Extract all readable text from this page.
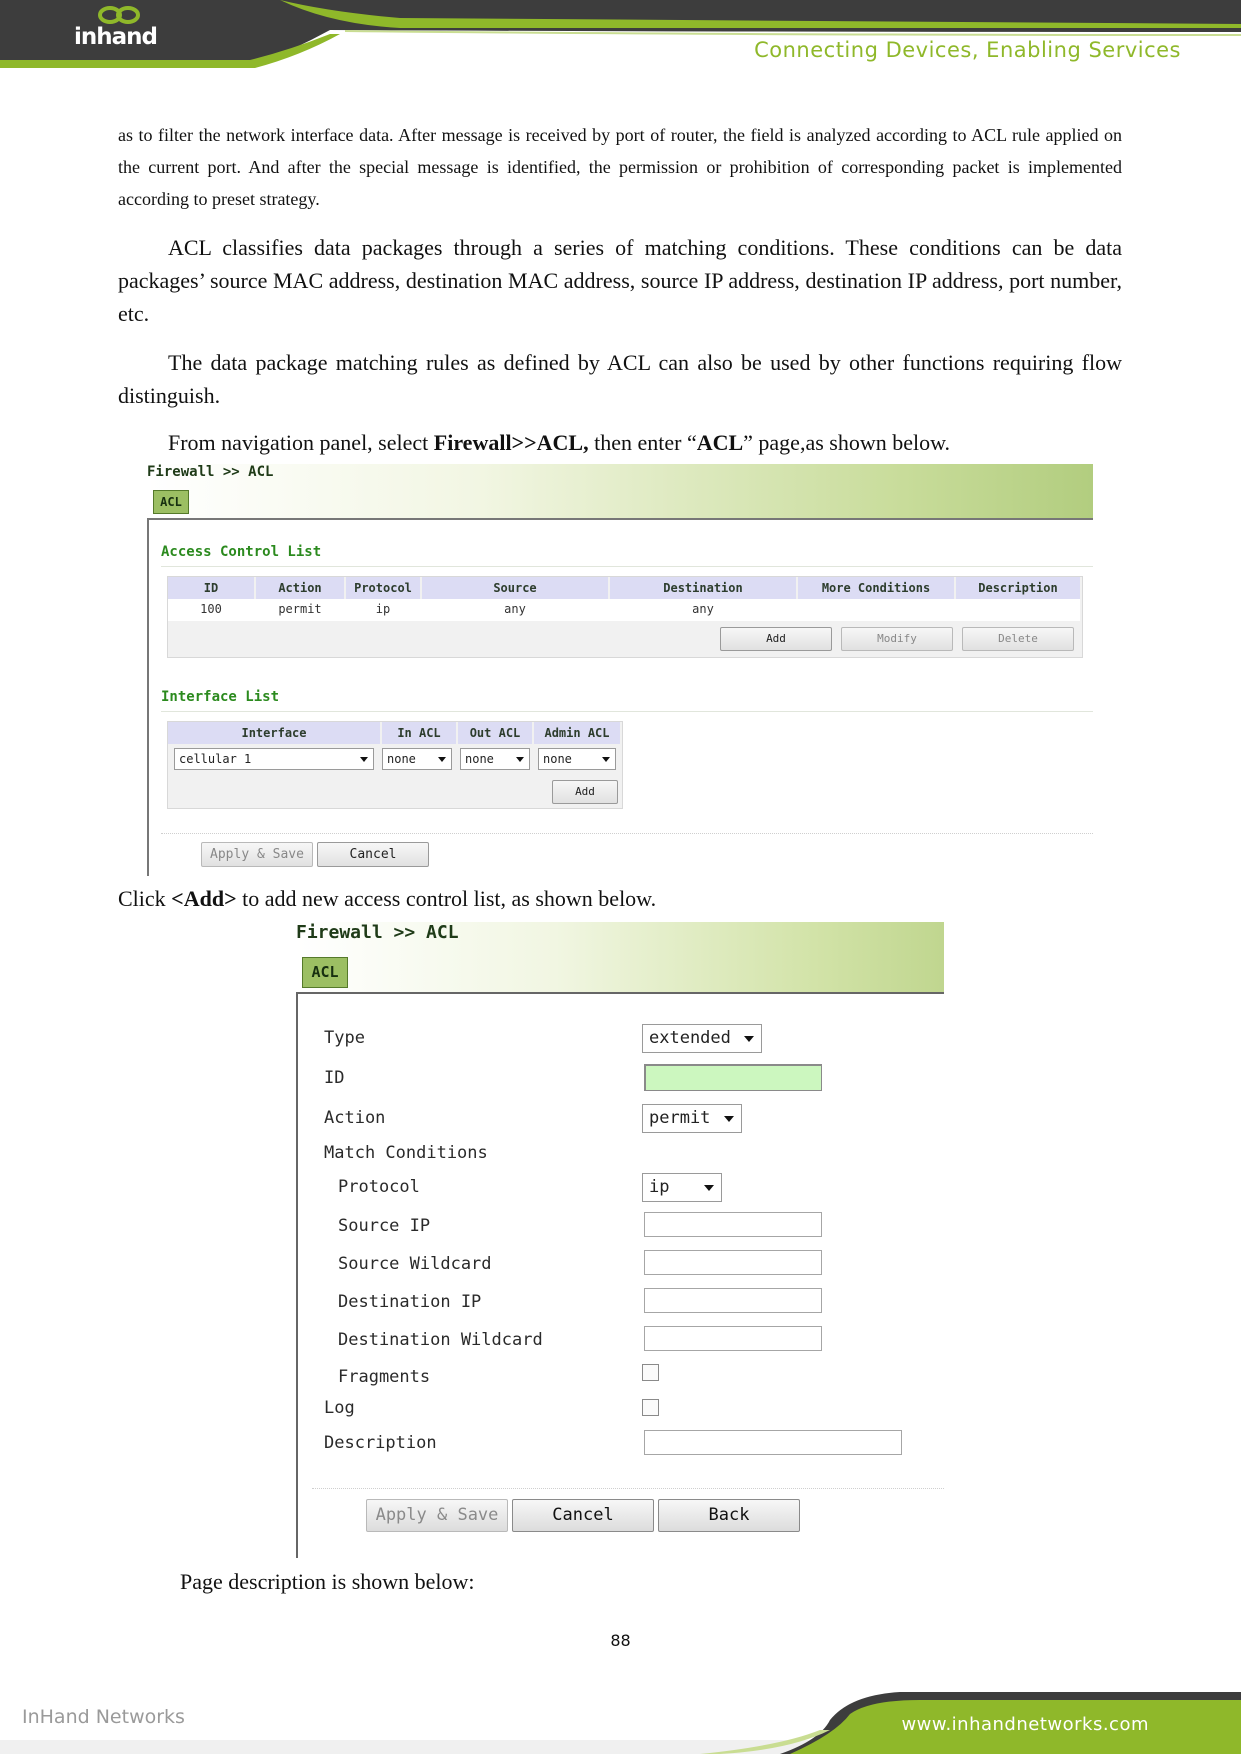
inhand	Connecting Devices, Enabling Services
as to filter the network interface data. After message is received by port of router, the field is analyzed according to ACL rule applied on the current port. And after the special message is identified, the permission or prohibition of corresponding packet is implemented according to preset strategy.
ACL classifies data packages through a series of matching conditions. These conditions can be data packages’ source MAC address, destination MAC address, source IP address, destination IP address, port number, etc.
The data package matching rules as defined by ACL can also be used by other functions requiring flow distinguish.
From navigation panel, select Firewall>>ACL, then enter “ACL” page,as shown below.
Firewall >> ACL
ACL
Access Control List
ID	Action	Protocol	Source	Destination	More Conditions	Description
100	permit	ip	any	any
Add	Modify	Delete
Interface List
Interface	In ACL	Out ACL	Admin ACL
cellular 1	none	none	none
Add
Apply & Save	Cancel
Click <Add> to add new access control list, as shown below.
Firewall >> ACL
ACL
Type	extended
ID
Action	permit
Match Conditions
Protocol	ip
Source IP
Source Wildcard
Destination IP
Destination Wildcard
Fragments
Log
Description
Apply & Save	Cancel	Back
Page description is shown below:
88
InHand Networks	www.inhandnetworks.com
